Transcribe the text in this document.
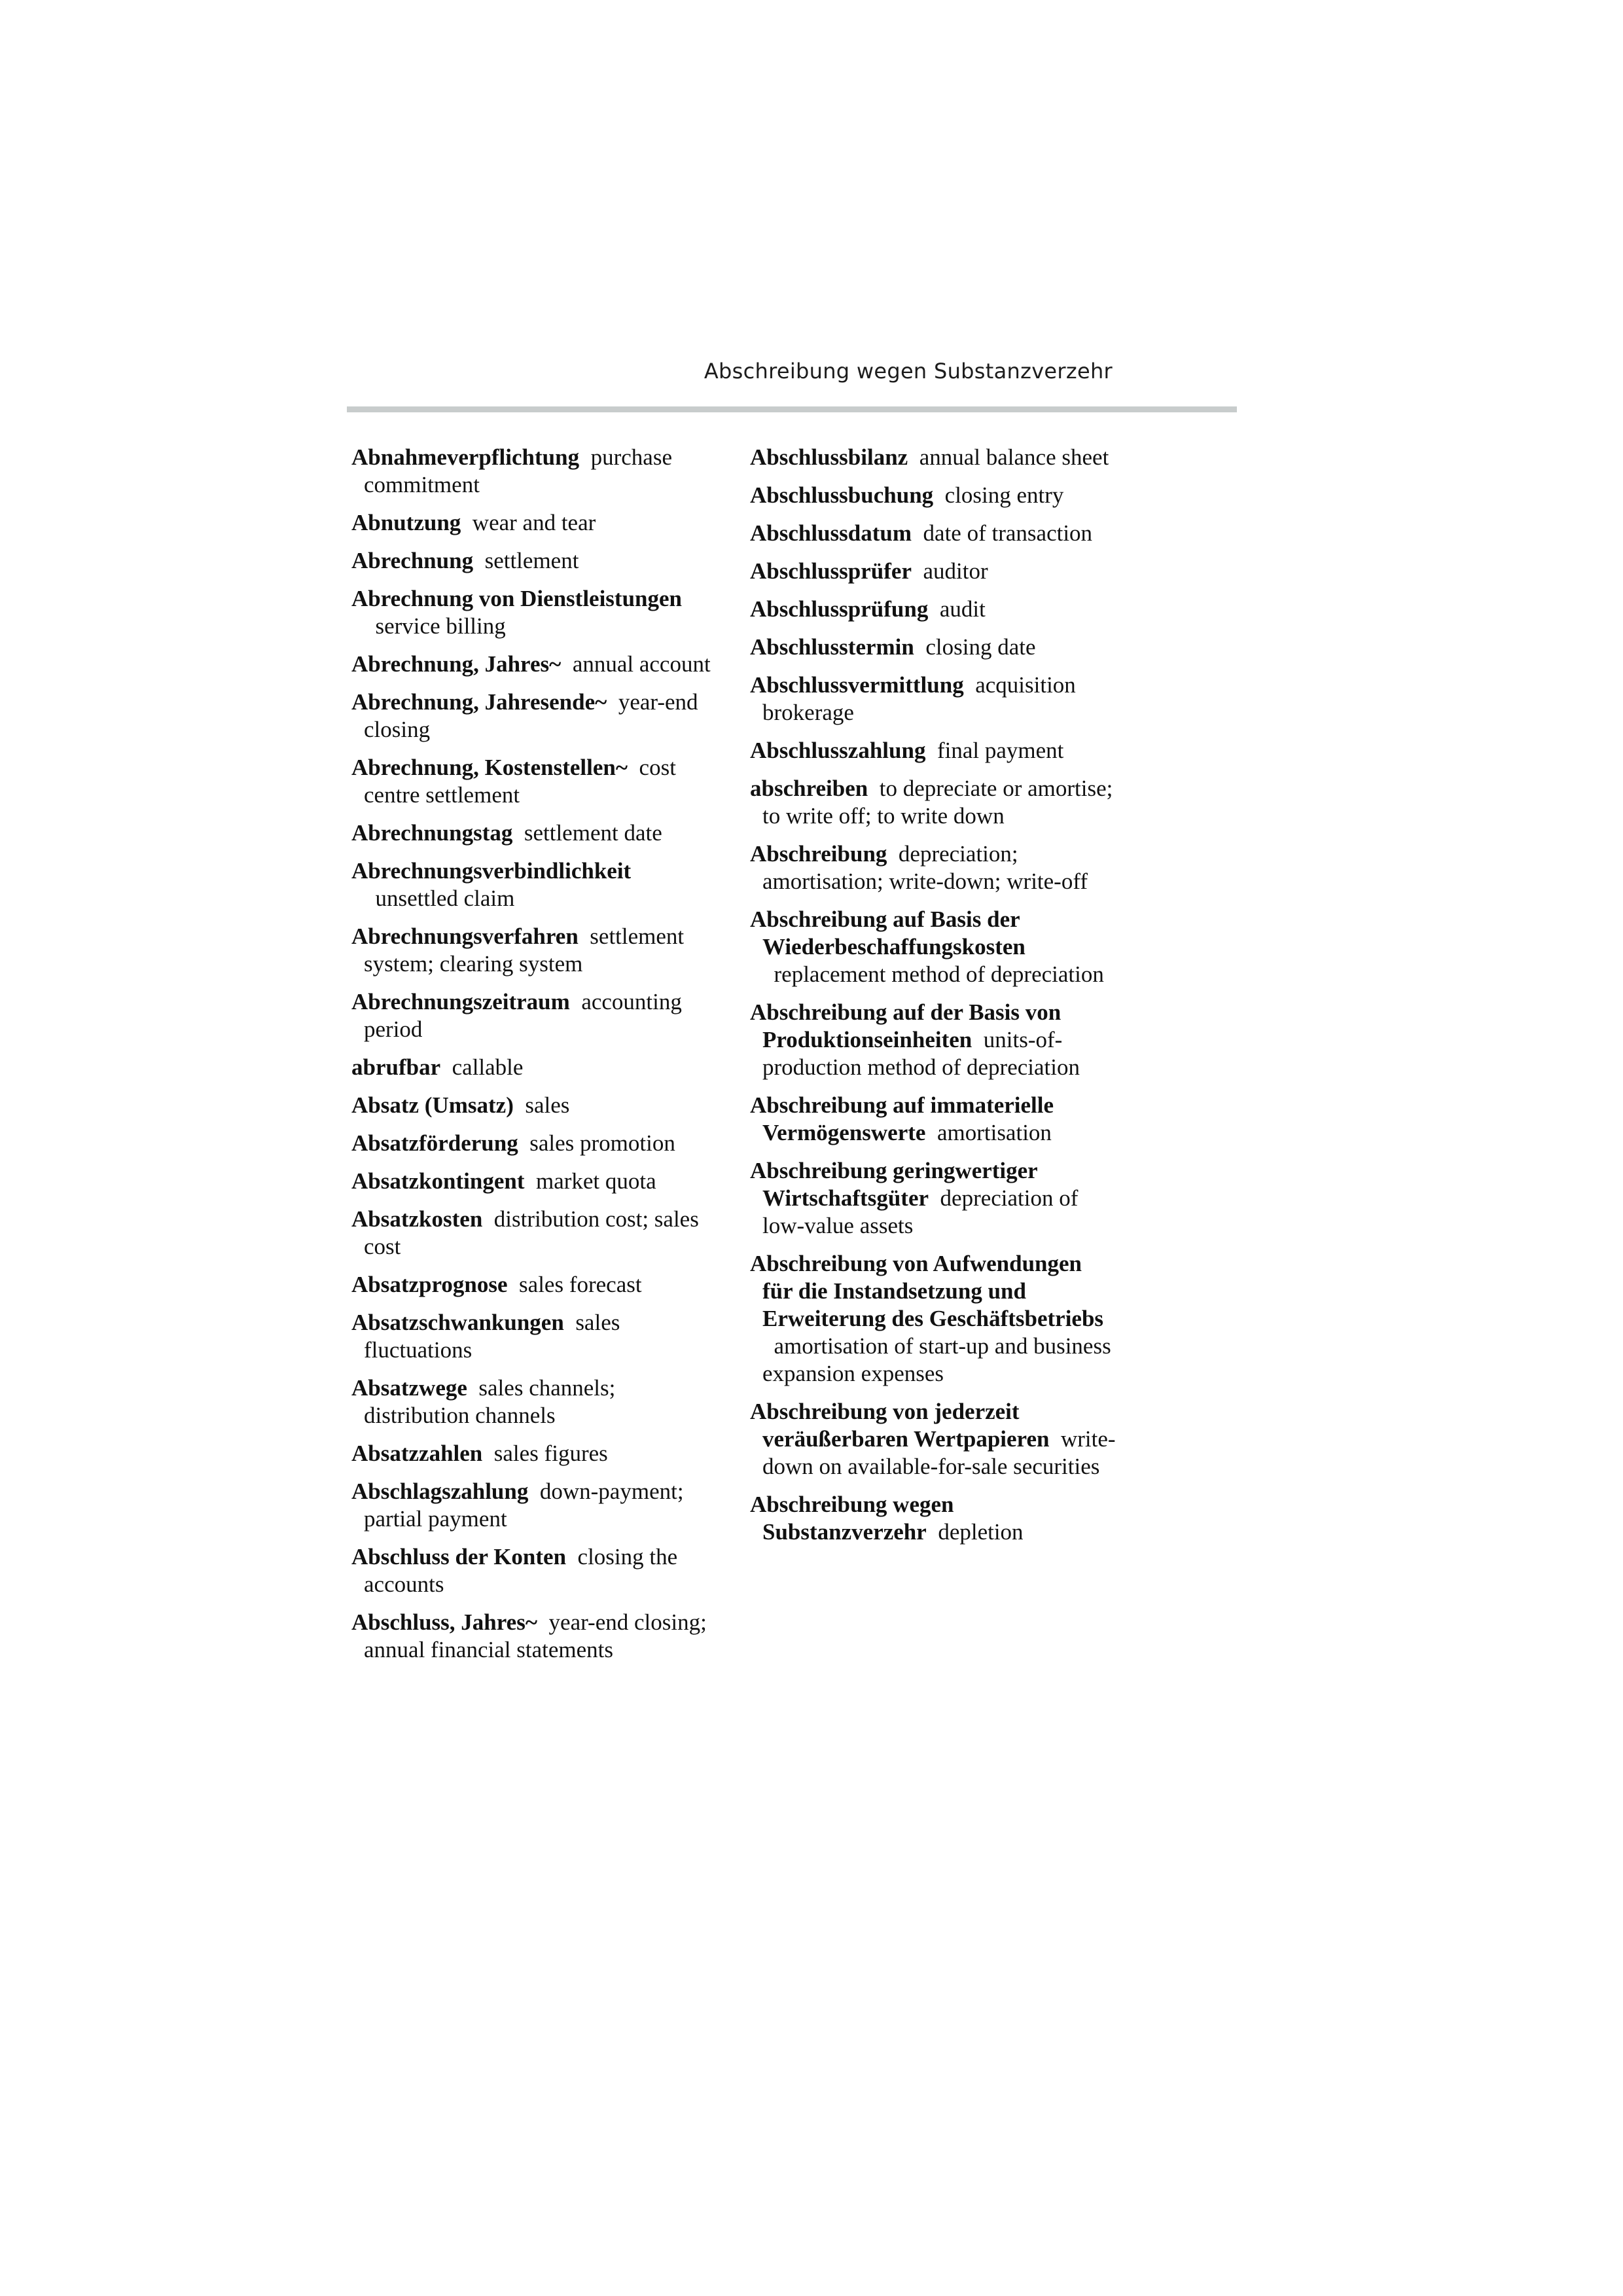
Abschreibung wegen Substanzverzehr
Abnahmeverpflichtung purchase commitment
Abnutzung wear and tear
Abrechnung settlement
Abrechnung von Dienstleistungen  service billing
Abrechnung, Jahres~ annual account
Abrechnung, Jahresende~ year-end closing
Abrechnung, Kostenstellen~ cost centre settlement
Abrechnungstag settlement date
Abrechnungsverbindlichkeit  unsettled claim
Abrechnungsverfahren settlement system; clearing system
Abrechnungszeitraum accounting period
abrufbar callable
Absatz (Umsatz) sales
Absatzförderung sales promotion
Absatzkontingent market quota
Absatzkosten distribution cost; sales cost
Absatzprognose sales forecast
Absatzschwankungen sales fluctuations
Absatzwege sales channels; distribution channels
Absatzzahlen sales figures
Abschlagszahlung down-payment; partial payment
Abschluss der Konten closing the accounts
Abschluss, Jahres~ year-end closing; annual financial statements
Abschlussbilanz annual balance sheet
Abschlussbuchung closing entry
Abschlussdatum date of transaction
Abschlussprüfer auditor
Abschlussprüfung audit
Abschlusstermin closing date
Abschlussvermittlung acquisition brokerage
Abschlusszahlung final payment
abschreiben to depreciate or amortise; to write off; to write down
Abschreibung depreciation; amortisation; write-down; write-off
Abschreibung auf Basis der Wiederbeschaffungskosten  replacement method of depreciation
Abschreibung auf der Basis von Produktionseinheiten units-of-production method of depreciation
Abschreibung auf immaterielle Vermögenswerte amortisation
Abschreibung geringwertiger Wirtschaftsgüter depreciation of low-value assets
Abschreibung von Aufwendungen für die Instandsetzung und Erweiterung des Geschäftsbetriebs  amortisation of start-up and business expansion expenses
Abschreibung von jederzeit veräußerbaren Wertpapieren write-down on available-for-sale securities
Abschreibung wegen Substanzverzehr depletion
